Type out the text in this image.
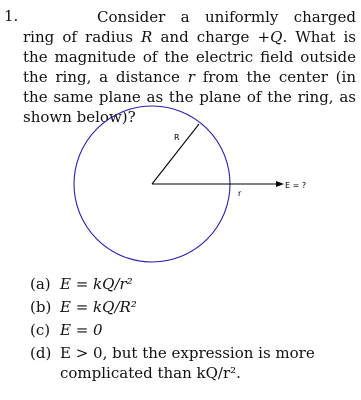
1.	Consider a uniformly charged ring of radius R and charge +Q. What is the magnitude of the electric field outside the ring, a distance r from the center (in the same plane as the plane of the ring, as shown below)?
R
r
E = ?
(a) E = kQ/r²
(b) E = kQ/R²
(c) E = 0
(d) E > 0, but the expression is more complicated than kQ/r².
